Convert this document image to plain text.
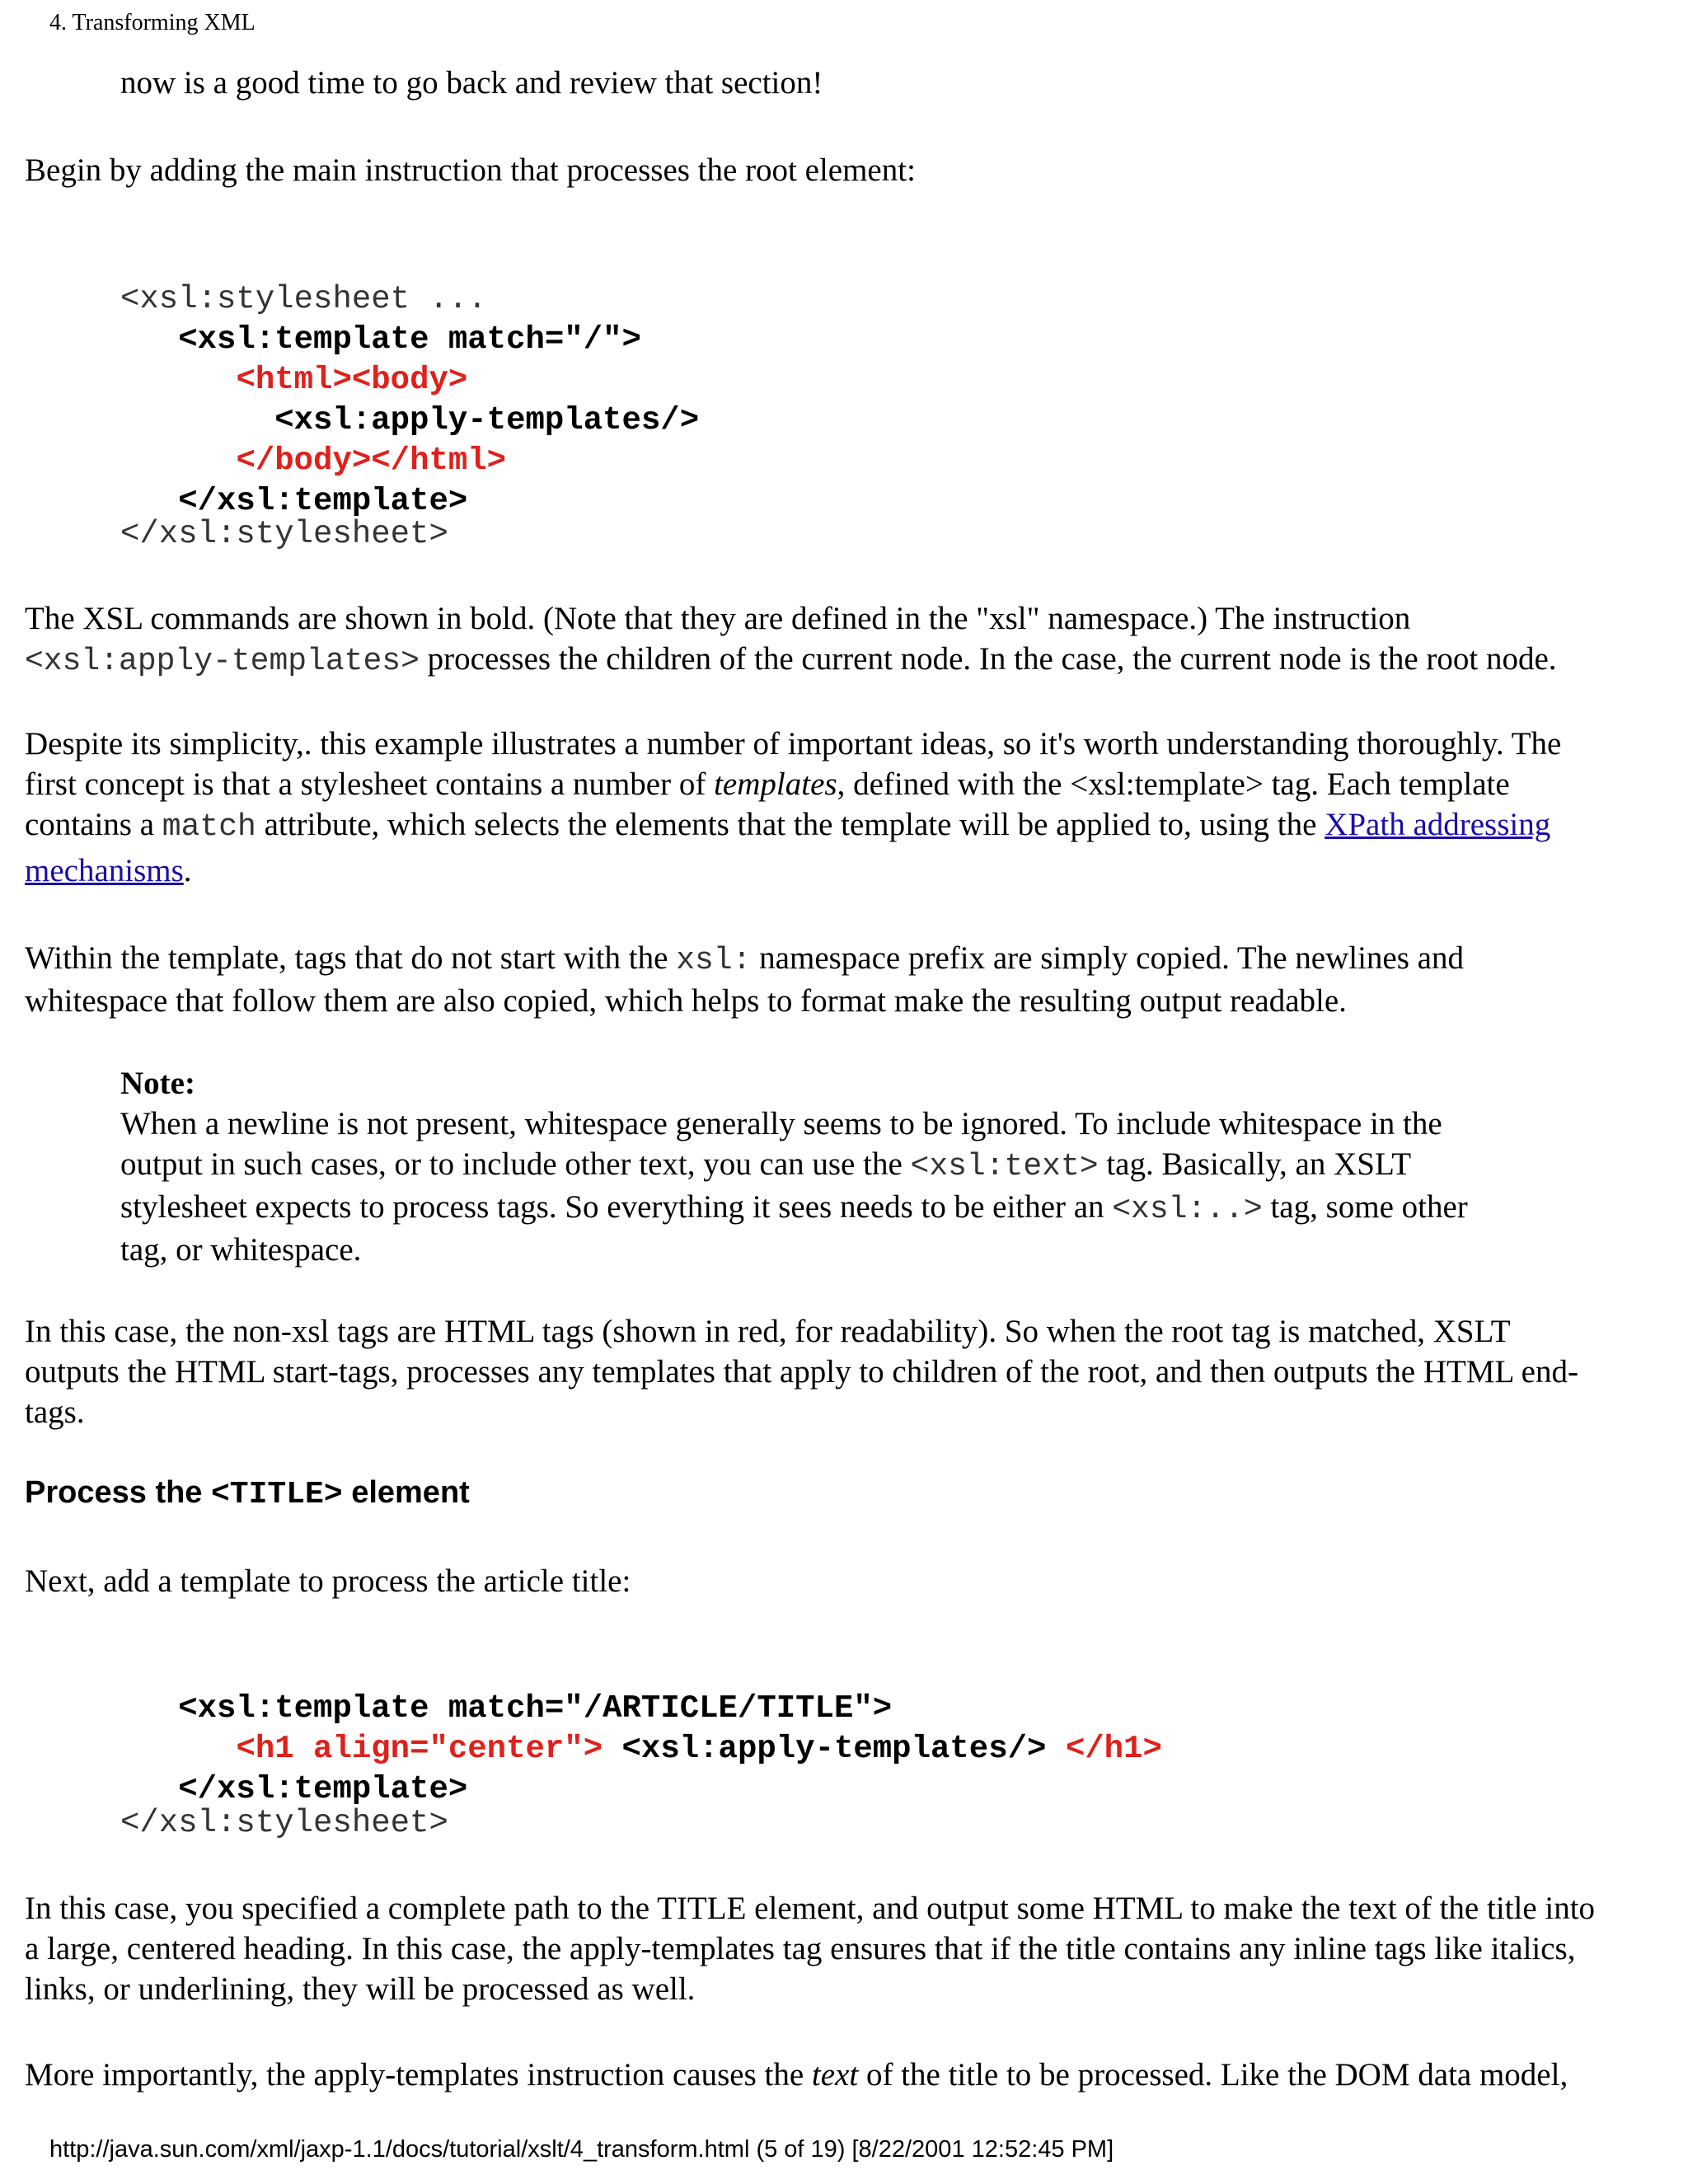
4. Transforming XML
now is a good time to go back and review that section!
Begin by adding the main instruction that processes the root element:

<xsl:stylesheet ...
<xsl:template match="/">
<html><body>
<xsl:apply-templates/>
</body></html>
</xsl:template>

</xsl:stylesheet>
The XSL commands are shown in bold. (Note that they are defined in the "xsl" namespace.) The instruction
<xsl:apply-templates> processes the children of the current node. In the case, the current node is the root node.
Despite its simplicity,. this example illustrates a number of important ideas, so it's worth understanding thoroughly. The
first concept is that a stylesheet contains a number of templates, defined with the <xsl:template> tag. Each template
contains a match attribute, which selects the elements that the template will be applied to, using the XPath addressing
mechanisms.
Within the template, tags that do not start with the xsl: namespace prefix are simply copied. The newlines and
whitespace that follow them are also copied, which helps to format make the resulting output readable.
Note:
When a newline is not present, whitespace generally seems to be ignored. To include whitespace in the
output in such cases, or to include other text, you can use the <xsl:text> tag. Basically, an XSLT
stylesheet expects to process tags. So everything it sees needs to be either an <xsl:..> tag, some other
tag, or whitespace.
In this case, the non-xsl tags are HTML tags (shown in red, for readability). So when the root tag is matched, XSLT
outputs the HTML start-tags, processes any templates that apply to children of the root, and then outputs the HTML end-
tags.
Process the <TITLE> element
Next, add a template to process the article title:

<xsl:template match="/ARTICLE/TITLE">
<h1 align="center"> <xsl:apply-templates/> </h1>
</xsl:template>

</xsl:stylesheet>
In this case, you specified a complete path to the TITLE element, and output some HTML to make the text of the title into
a large, centered heading. In this case, the apply-templates tag ensures that if the title contains any inline tags like italics,
links, or underlining, they will be processed as well.
More importantly, the apply-templates instruction causes the text of the title to be processed. Like the DOM data model,
http://java.sun.com/xml/jaxp-1.1/docs/tutorial/xslt/4_transform.html (5 of 19) [8/22/2001 12:52:45 PM]
